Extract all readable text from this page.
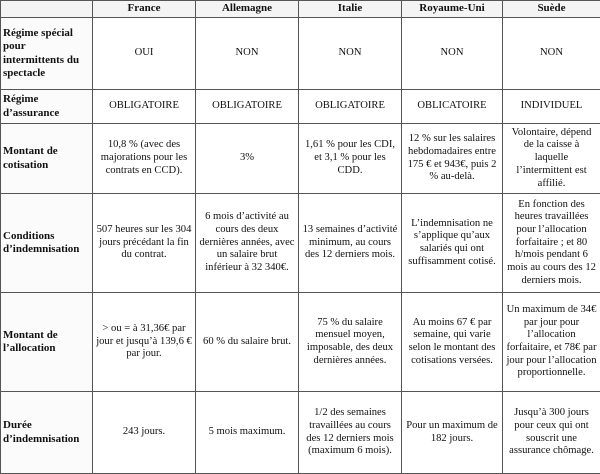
	France	Allemagne	Italie	Royaume-Uni	Suède
Régime spécial pour intermittents du spectacle	OUI	NON	NON	NON	NON
Régime d’assurance	OBLIGATOIRE	OBLIGATOIRE	OBLIGATOIRE	OBLICATOIRE	INDIVIDUEL
Montant de cotisation	10,8 % (avec des majorations pour les contrats en CCD).	3%	1,61 % pour les CDI, et 3,1 % pour les CDD.	12 % sur les salaires hebdomadaires entre 175 € et 943€, puis 2 % au-delà.	Volontaire, dépend de la caisse à laquelle l’intermittent est affilié.
Conditions d’indemnisation	507 heures sur les 304 jours précédant la fin du contrat.	6 mois d’activité au cours des deux dernières années, avec un salaire brut inférieur à 32 340€.	13 semaines d’activité minimum, au cours des 12 derniers mois.	L’indemnisation ne s’applique qu’aux salariés qui ont suffisamment cotisé.	En fonction des heures travaillées pour l’allocation forfaitaire ; et 80 h/mois pendant 6 mois au cours des 12 derniers mois.
Montant de l’allocation	> ou = à 31,36€ par jour et jusqu’à 139,6 € par jour.	60 % du salaire brut.	75 % du salaire mensuel moyen, imposable, des deux dernières années.	Au moins 67 € par semaine, qui varie selon le montant des cotisations versées.	Un maximum de 34€ par jour pour l’allocation forfaitaire, et 78€ par jour pour l’allocation proportionnelle.
Durée d’indemnisation	243 jours.	5 mois maximum.	1/2 des semaines travaillées au cours des 12 derniers mois (maximum 6 mois).	Pour un maximum de 182 jours.	Jusqu’à 300 jours pour ceux qui ont souscrit une assurance chômage.
